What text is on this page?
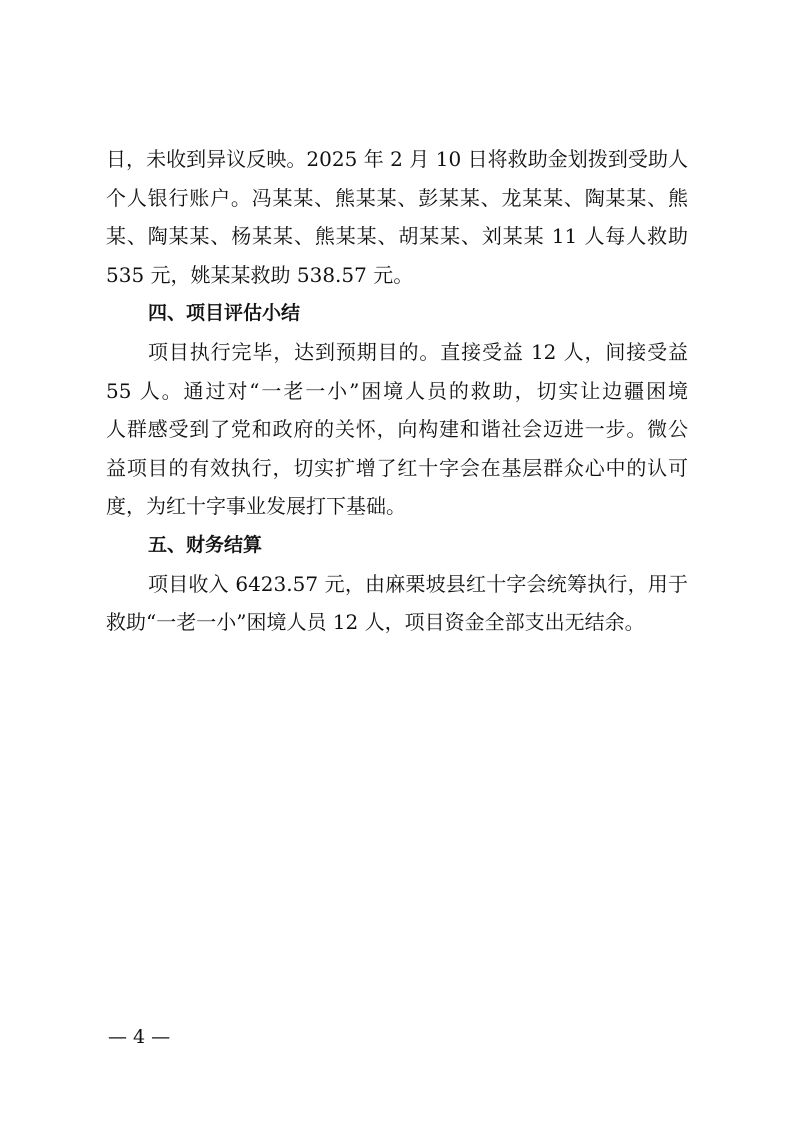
日，未收到异议反映。2025 年 2 月 10 日将救助金划拨到受助人
个人银行账户。冯某某、熊某某、彭某某、龙某某、陶某某、熊
某、陶某某、杨某某、熊某某、胡某某、刘某某 11 人每人救助
535 元，姚某某救助 538.57 元。
四、项目评估小结
项目执行完毕，达到预期目的。直接受益 12 人，间接受益
55 人。通过对“一老一小”困境人员的救助，切实让边疆困境
人群感受到了党和政府的关怀，向构建和谐社会迈进一步。微公
益项目的有效执行，切实扩增了红十字会在基层群众心中的认可
度，为红十字事业发展打下基础。
五、财务结算
项目收入 6423.57 元，由麻栗坡县红十字会统筹执行，用于
救助“一老一小”困境人员 12 人，项目资金全部支出无结余。
— 4 —
